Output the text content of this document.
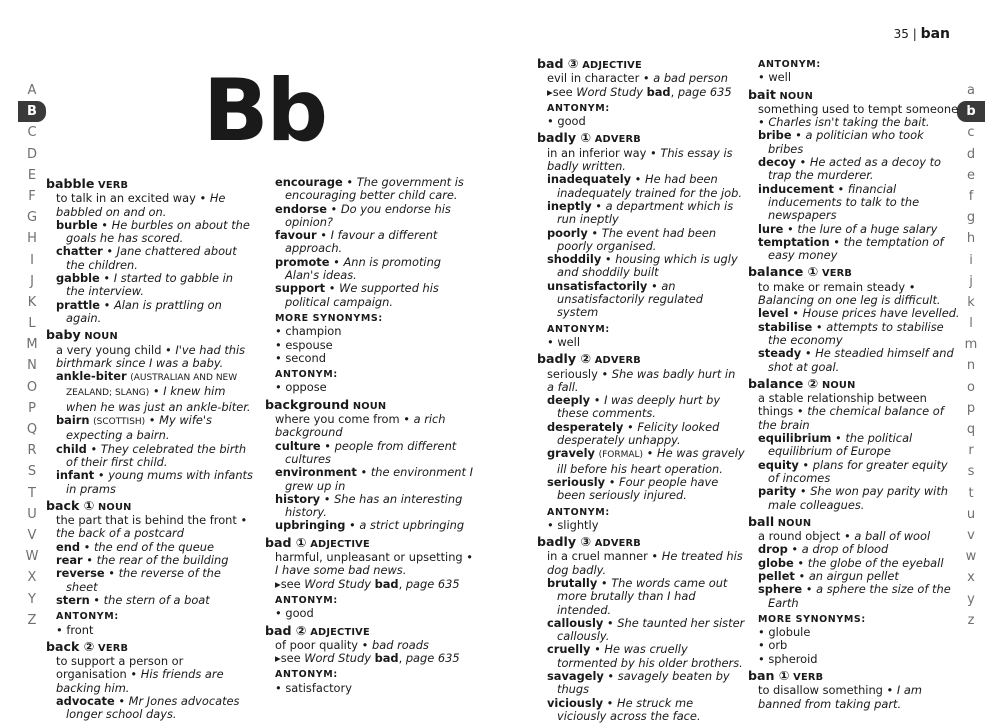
A
B
C
D
E
F
G
H
I
J
K
L
M
N
O
P
Q
R
S
T
U
V
W
X
Y
Z
a
b
c
d
e
f
g
h
i
j
k
l
m
n
o
p
q
r
s
t
u
v
w
x
y
z
35 | ban
Bb
babble VERB
to talk in an excited way • He babbled on and on.
burble • He burbles on about the goals he has scored.
chatter • Jane chattered about the children.
gabble • I started to gabble in the interview.
prattle • Alan is prattling on again.
baby NOUN
a very young child • I've had this birthmark since I was a baby.
ankle-biter (AUSTRALIAN AND NEW ZEALAND; SLANG) • I knew him when he was just an ankle-biter.
bairn (SCOTTISH) • My wife's expecting a bairn.
child • They celebrated the birth of their first child.
infant • young mums with infants in prams
back ① NOUN
the part that is behind the front • the back of a postcard
end • the end of the queue
rear • the rear of the building
reverse • the reverse of the sheet
stern • the stern of a boat
ANTONYM:
• front
back ② VERB
to support a person or organisation • His friends are backing him.
advocate • Mr Jones advocates longer school days.
encourage • The government is encouraging better child care.
endorse • Do you endorse his opinion?
favour • I favour a different approach.
promote • Ann is promoting Alan's ideas.
support • We supported his political campaign.
MORE SYNONYMS:
• champion
• espouse
• second
ANTONYM:
• oppose
background NOUN
where you come from • a rich background
culture • people from different cultures
environment • the environment I grew up in
history • She has an interesting history.
upbringing • a strict upbringing
bad ① ADJECTIVE
harmful, unpleasant or upsetting • I have some bad news.
▸see Word Study bad, page 635
ANTONYM:
• good
bad ② ADJECTIVE
of poor quality • bad roads
▸see Word Study bad, page 635
ANTONYM:
• satisfactory
bad ③ ADJECTIVE
evil in character • a bad person
▸see Word Study bad, page 635
ANTONYM:
• good
badly ① ADVERB
in an inferior way • This essay is badly written.
inadequately • He had been inadequately trained for the job.
ineptly • a department which is run ineptly
poorly • The event had been poorly organised.
shoddily • housing which is ugly and shoddily built
unsatisfactorily • an unsatisfactorily regulated system
ANTONYM:
• well
badly ② ADVERB
seriously • She was badly hurt in a fall.
deeply • I was deeply hurt by these comments.
desperately • Felicity looked desperately unhappy.
gravely (FORMAL) • He was gravely ill before his heart operation.
seriously • Four people have been seriously injured.
ANTONYM:
• slightly
badly ③ ADVERB
in a cruel manner • He treated his dog badly.
brutally • The words came out more brutally than I had intended.
callously • She taunted her sister callously.
cruelly • He was cruelly tormented by his older brothers.
savagely • savagely beaten by thugs
viciously • He struck me viciously across the face.
ANTONYM:
• well
bait NOUN
something used to tempt someone • Charles isn't taking the bait.
bribe • a politician who took bribes
decoy • He acted as a decoy to trap the murderer.
inducement • financial inducements to talk to the newspapers
lure • the lure of a huge salary
temptation • the temptation of easy money
balance ① VERB
to make or remain steady • Balancing on one leg is difficult.
level • House prices have levelled.
stabilise • attempts to stabilise the economy
steady • He steadied himself and shot at goal.
balance ② NOUN
a stable relationship between things • the chemical balance of the brain
equilibrium • the political equilibrium of Europe
equity • plans for greater equity of incomes
parity • She won pay parity with male colleagues.
ball NOUN
a round object • a ball of wool
drop • a drop of blood
globe • the globe of the eyeball
pellet • an airgun pellet
sphere • a sphere the size of the Earth
MORE SYNONYMS:
• globule
• orb
• spheroid
ban ① VERB
to disallow something • I am banned from taking part.
